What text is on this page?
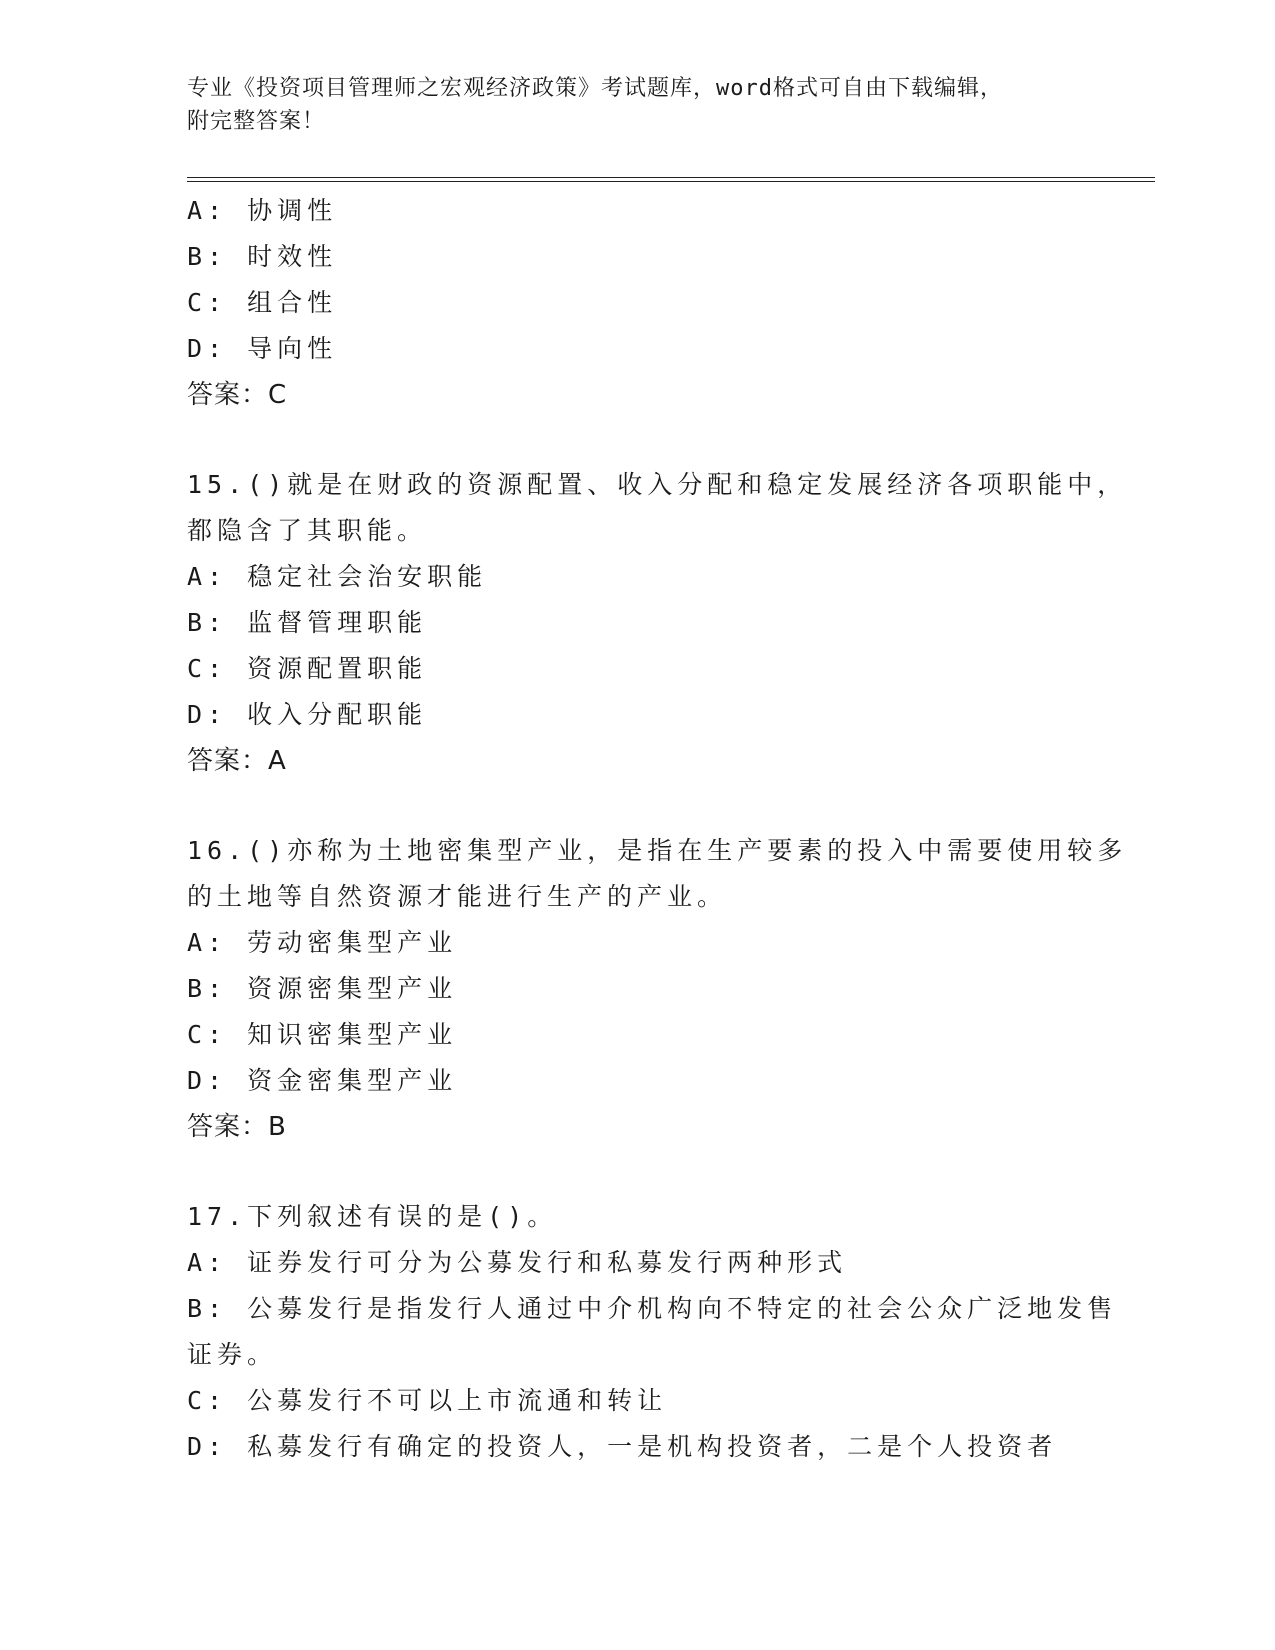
专业《投资项目管理师之宏观经济政策》考试题库，word格式可自由下载编辑，
附完整答案！
A: 协调性
B: 时效性
C: 组合性
D: 导向性
答案：C
15.()就是在财政的资源配置、收入分配和稳定发展经济各项职能中，
都隐含了其职能。
A: 稳定社会治安职能
B: 监督管理职能
C: 资源配置职能
D: 收入分配职能
答案：A
16.()亦称为土地密集型产业，是指在生产要素的投入中需要使用较多
的土地等自然资源才能进行生产的产业。
A: 劳动密集型产业
B: 资源密集型产业
C: 知识密集型产业
D: 资金密集型产业
答案：B
17.下列叙述有误的是()。
A: 证券发行可分为公募发行和私募发行两种形式
B: 公募发行是指发行人通过中介机构向不特定的社会公众广泛地发售
证券。
C: 公募发行不可以上市流通和转让
D: 私募发行有确定的投资人，一是机构投资者，二是个人投资者
